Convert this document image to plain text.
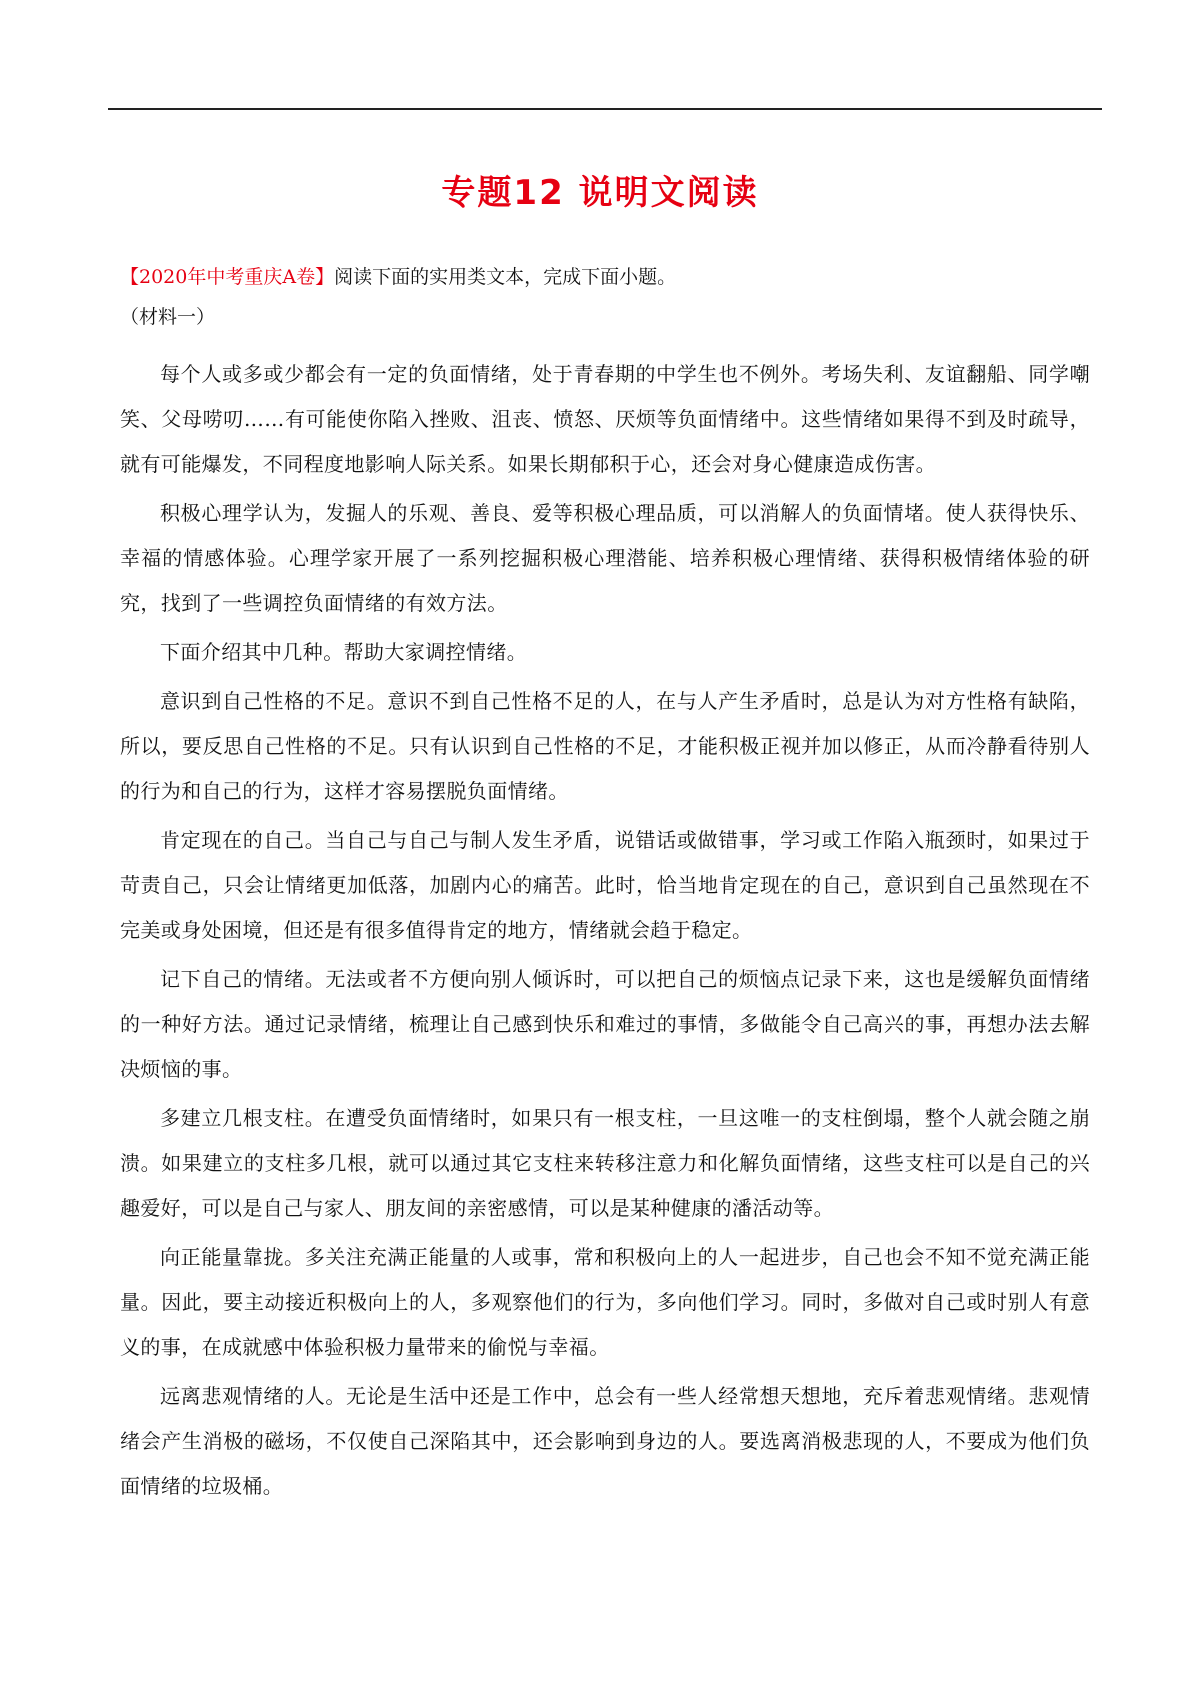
专题12 说明文阅读

【2020年中考重庆A卷】阅读下面的实用类文本，完成下面小题。

（材料一）

每个人或多或少都会有一定的负面情绪，处于青春期的中学生也不例外。考场失利、友谊翻船、同学嘲笑、父母唠叨……有可能使你陷入挫败、沮丧、愤怒、厌烦等负面情绪中。这些情绪如果得不到及时疏导，就有可能爆发，不同程度地影响人际关系。如果长期郁积于心，还会对身心健康造成伤害。

积极心理学认为，发掘人的乐观、善良、爱等积极心理品质，可以消解人的负面情堵。使人获得快乐、幸福的情感体验。心理学家开展了一系列挖掘积极心理潜能、培养积极心理情绪、获得积极情绪体验的研究，找到了一些调控负面情绪的有效方法。

下面介绍其中几种。帮助大家调控情绪。

意识到自己性格的不足。意识不到自己性格不足的人，在与人产生矛盾时，总是认为对方性格有缺陷，所以，要反思自己性格的不足。只有认识到自己性格的不足，才能积极正视并加以修正，从而冷静看待别人的行为和自己的行为，这样才容易摆脱负面情绪。

肯定现在的自己。当自己与自己与制人发生矛盾，说错话或做错事，学习或工作陷入瓶颈时，如果过于苛责自己，只会让情绪更加低落，加剧内心的痛苦。此时，恰当地肯定现在的自己，意识到自己虽然现在不完美或身处困境，但还是有很多值得肯定的地方，情绪就会趋于稳定。

记下自己的情绪。无法或者不方便向别人倾诉时，可以把自己的烦恼点记录下来，这也是缓解负面情绪的一种好方法。通过记录情绪，梳理让自己感到快乐和难过的事情，多做能令自己高兴的事，再想办法去解决烦恼的事。

多建立几根支柱。在遭受负面情绪时，如果只有一根支柱，一旦这唯一的支柱倒塌，整个人就会随之崩溃。如果建立的支柱多几根，就可以通过其它支柱来转移注意力和化解负面情绪，这些支柱可以是自己的兴趣爱好，可以是自己与家人、朋友间的亲密感情，可以是某种健康的潘活动等。

向正能量靠拢。多关注充满正能量的人或事，常和积极向上的人一起进步，自己也会不知不觉充满正能量。因此，要主动接近积极向上的人，多观察他们的行为，多向他们学习。同时，多做对自己或时别人有意义的事，在成就感中体验积极力量带来的偷悦与幸福。

远离悲观情绪的人。无论是生活中还是工作中，总会有一些人经常想天想地，充斥着悲观情绪。悲观情绪会产生消极的磁场，不仅使自己深陷其中，还会影响到身边的人。要选离消极悲现的人，不要成为他们负面情绪的垃圾桶。
